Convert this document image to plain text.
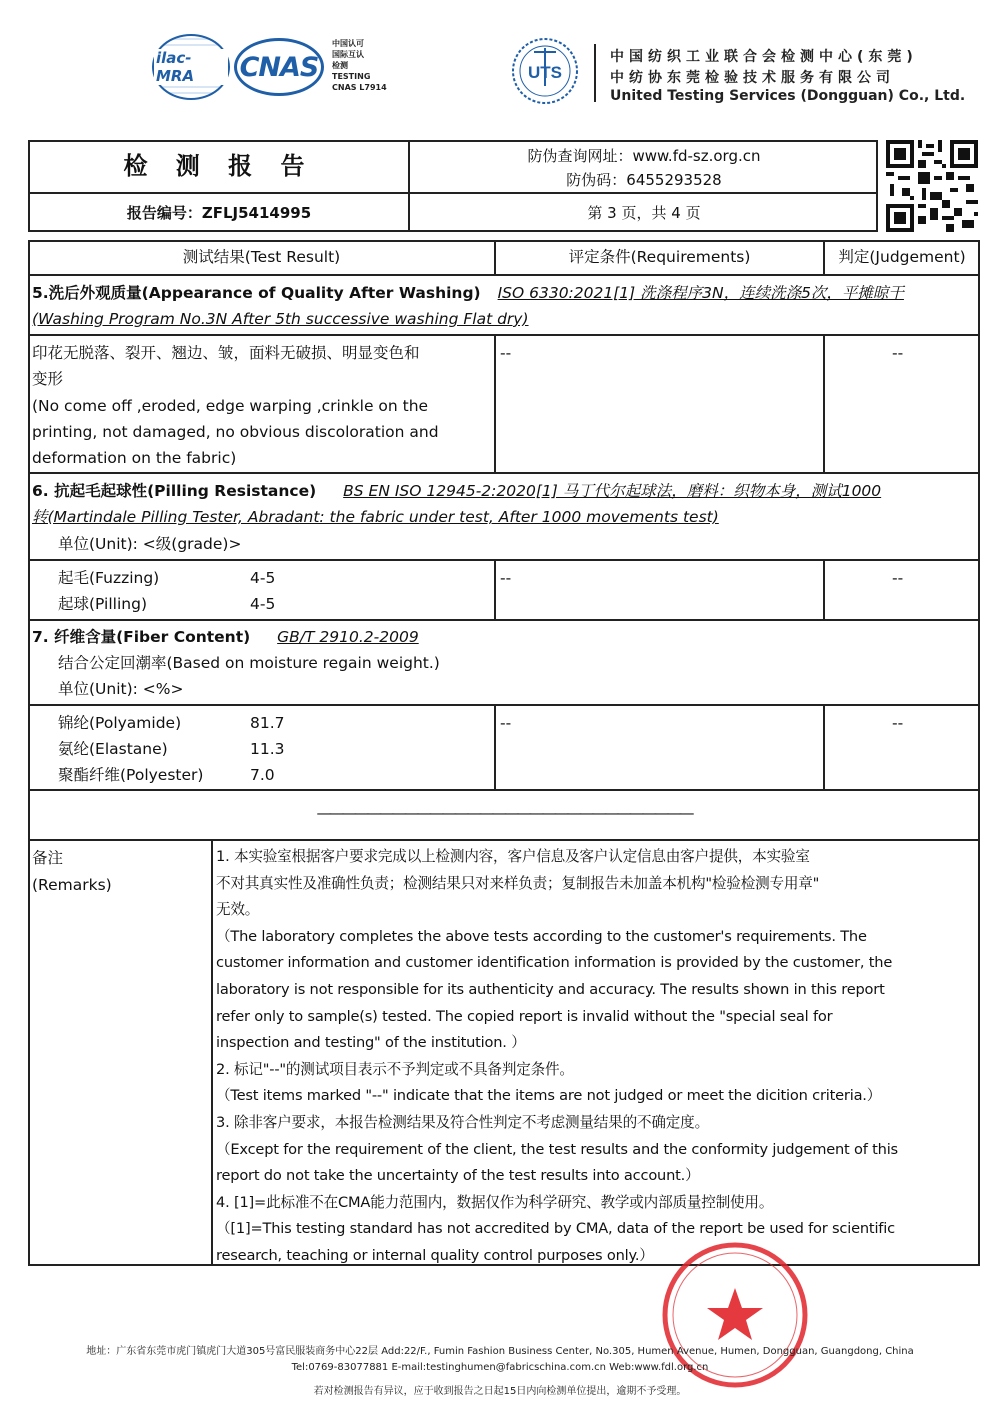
ilac-MRA	CNAS
中国认可
国际互认
检测
TESTING
CNAS L7914
UTS
中国纺织工业联合会检测中心(东莞)
中纺协东莞检验技术服务有限公司
United Testing Services (Dongguan) Co., Ltd.
检 测 报 告
报告编号：ZFLJ5414995
防伪查询网址：www.fd-sz.org.cn
防伪码：6455293528
第 3 页，共 4 页
测试结果(Test Result)	评定条件(Requirements)	判定(Judgement)
5.洗后外观质量(Appearance of Quality After Washing) ISO 6330:2021[1] 洗涤程序3N，连续洗涤5次，平摊晾干
(Washing Program No.3N After 5th successive washing Flat dry)
印花无脱落、裂开、翘边、皱，面料无破损、明显变色和
变形
(No come off ,eroded, edge warping ,crinkle on the
printing, not damaged, no obvious discoloration and
deformation on the fabric)
--	--
6. 抗起毛起球性(Pilling Resistance) BS EN ISO 12945-2:2020[1] 马丁代尔起球法，磨料：织物本身，测试1000
转(Martindale Pilling Tester, Abradant: the fabric under test, After 1000 movements test)
单位(Unit): <级(grade)>
起毛(Fuzzing)	4-5
起球(Pilling)	4-5
--	--
7. 纤维含量(Fiber Content) GB/T 2910.2-2009
结合公定回潮率(Based on moisture regain weight.)
单位(Unit): <%>
锦纶(Polyamide)	81.7
氨纶(Elastane)	11.3
聚酯纤维(Polyester)	7.0
--	--
——————————————————————————————
备注
(Remarks)
1. 本实验室根据客户要求完成以上检测内容，客户信息及客户认定信息由客户提供，本实验室
不对其真实性及准确性负责；检测结果只对来样负责；复制报告未加盖本机构"检验检测专用章"
无效。
（The laboratory completes the above tests according to the customer's requirements. The
customer information and customer identification information is provided by the customer, the
laboratory is not responsible for its authenticity and accuracy. The results shown in this report
refer only to sample(s) tested. The copied report is invalid without the "special seal for
inspection and testing" of the institution. ）
2. 标记"--"的测试项目表示不予判定或不具备判定条件。
（Test items marked "--" indicate that the items are not judged or meet the dicition criteria.）
3. 除非客户要求，本报告检测结果及符合性判定不考虑测量结果的不确定度。
（Except for the requirement of the client, the test results and the conformity judgement of this
report do not take the uncertainty of the test results into account.）
4. [1]=此标准不在CMA能力范围内，数据仅作为科学研究、教学或内部质量控制使用。
（[1]=This testing standard has not accredited by CMA, data of the report be used for scientific
research, teaching or internal quality control purposes only.）
地址：广东省东莞市虎门镇虎门大道305号富民服装商务中心22层 Add:22/F., Fumin Fashion Business Center, No.305, Humen Avenue, Humen, Dongguan, Guangdong, China
Tel:0769-83077881 E-mail:testinghumen@fabricschina.com.cn Web:www.fdl.org.cn
若对检测报告有异议，应于收到报告之日起15日内向检测单位提出，逾期不予受理。
